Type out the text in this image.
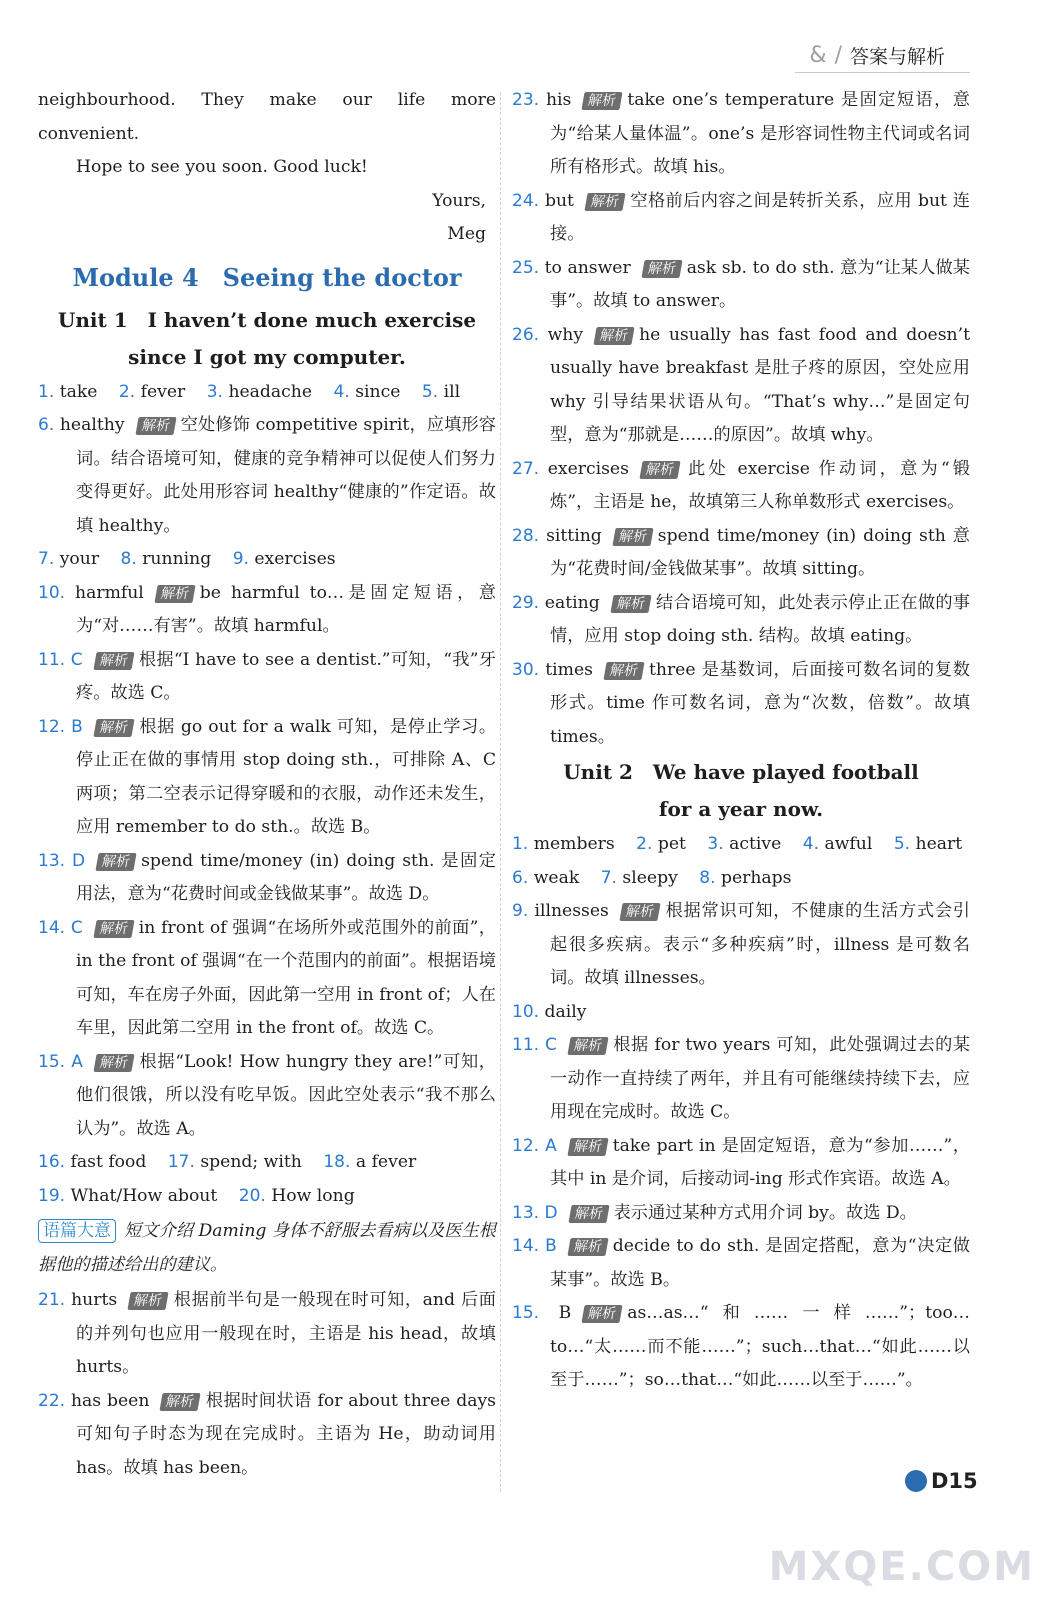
& / 答案与解析

neighbourhood. They make our life more convenient.

Hope to see you soon. Good luck!

Yours,

Meg

Module 4　Seeing the doctor
Unit 1　I haven’t done much exercise
since I got my computer.

1. take 2. fever 3. headache 4. since 5. ill

6. healthy 解析 空处修饰 competitive spirit，应填形容词。结合语境可知，健康的竞争精神可以促使人们努力变得更好。此处用形容词 healthy“健康的”作定语。故填 healthy。

7. your 8. running 9. exercises

10. harmful 解析 be harmful to…是固定短语，意为“对……有害”。故填 harmful。

11. C 解析 根据“I have to see a dentist.”可知，“我”牙疼。故选 C。

12. B 解析 根据 go out for a walk 可知，是停止学习。停止正在做的事情用 stop doing sth.，可排除 A、C 两项；第二空表示记得穿暖和的衣服，动作还未发生，应用 remember to do sth.。故选 B。

13. D 解析 spend time/money (in) doing sth. 是固定用法，意为“花费时间或金钱做某事”。故选 D。

14. C 解析 in front of 强调“在场所外或范围外的前面”，in the front of 强调“在一个范围内的前面”。根据语境可知，车在房子外面，因此第一空用 in front of；人在车里，因此第二空用 in the front of。故选 C。

15. A 解析 根据“Look! How hungry they are!”可知，他们很饿，所以没有吃早饭。因此空处表示“我不那么认为”。故选 A。

16. fast food 17. spend; with 18. a fever

19. What/How about 20. How long

语篇大意 短文介绍 Daming 身体不舒服去看病以及医生根据他的描述给出的建议。

21. hurts 解析 根据前半句是一般现在时可知，and 后面的并列句也应用一般现在时，主语是 his head，故填 hurts。

22. has been 解析 根据时间状语 for about three days 可知句子时态为现在完成时。主语为 He，助动词用 has。故填 has been。

23. his 解析 take one’s temperature 是固定短语，意为“给某人量体温”。one’s 是形容词性物主代词或名词所有格形式。故填 his。

24. but 解析 空格前后内容之间是转折关系，应用 but 连接。

25. to answer 解析 ask sb. to do sth. 意为“让某人做某事”。故填 to answer。

26. why 解析 he usually has fast food and doesn’t usually have breakfast 是肚子疼的原因，空处应用 why 引导结果状语从句。“That’s why…”是固定句型，意为“那就是……的原因”。故填 why。

27. exercises 解析 此处 exercise 作动词，意为“锻炼”，主语是 he，故填第三人称单数形式 exercises。

28. sitting 解析 spend time/money (in) doing sth 意为“花费时间/金钱做某事”。故填 sitting。

29. eating 解析 结合语境可知，此处表示停止正在做的事情，应用 stop doing sth. 结构。故填 eating。

30. times 解析 three 是基数词，后面接可数名词的复数形式。time 作可数名词，意为“次数，倍数”。故填 times。

Unit 2　We have played football
for a year now.

1. members 2. pet 3. active 4. awful 5. heart

6. weak 7. sleepy 8. perhaps

9. illnesses 解析 根据常识可知，不健康的生活方式会引起很多疾病。表示“多种疾病”时，illness 是可数名词。故填 illnesses。

10. daily

11. C 解析 根据 for two years 可知，此处强调过去的某一动作一直持续了两年，并且有可能继续持续下去，应用现在完成时。故选 C。

12. A 解析 take part in 是固定短语，意为“参加……”，其中 in 是介词，后接动词-ing 形式作宾语。故选 A。

13. D 解析 表示通过某种方式用介词 by。故选 D。

14. B 解析 decide to do sth. 是固定搭配，意为“决定做某事”。故选 B。

15. B 解析 as…as…“和……一样……”；too…to…“太……而不能……”；such…that…“如此……以至于……”；so…that…“如此……以至于……”。

D15
MXQE.COM
